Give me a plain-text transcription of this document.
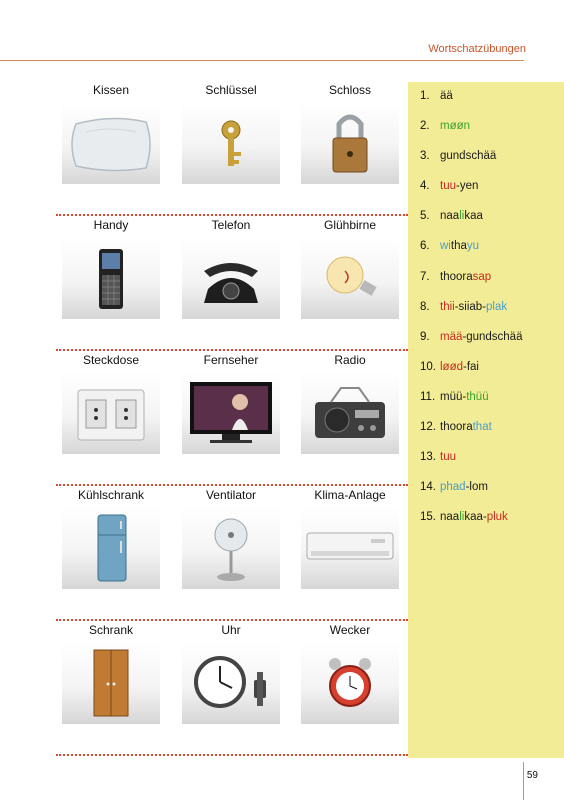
Wortschatzübungen
Kissen	Schlüssel	Schloss
Handy	Telefon	Glühbirne
Steckdose	Fernseher	Radio
Kühlschrank	Ventilator	Klima-Anlage
Schrank	Uhr	Wecker
1. ää
2. møøn
3. gundschää
4. tuu-yen
5. naalikaa
6. withayu
7. thoorasap
8. thii-siiab-plak
9. mää-gundschää
10. løød-fai
11. müü-thüü
12. thoorathat
13. tuu
14. phad-lom
15. naalikaa-pluk
59
